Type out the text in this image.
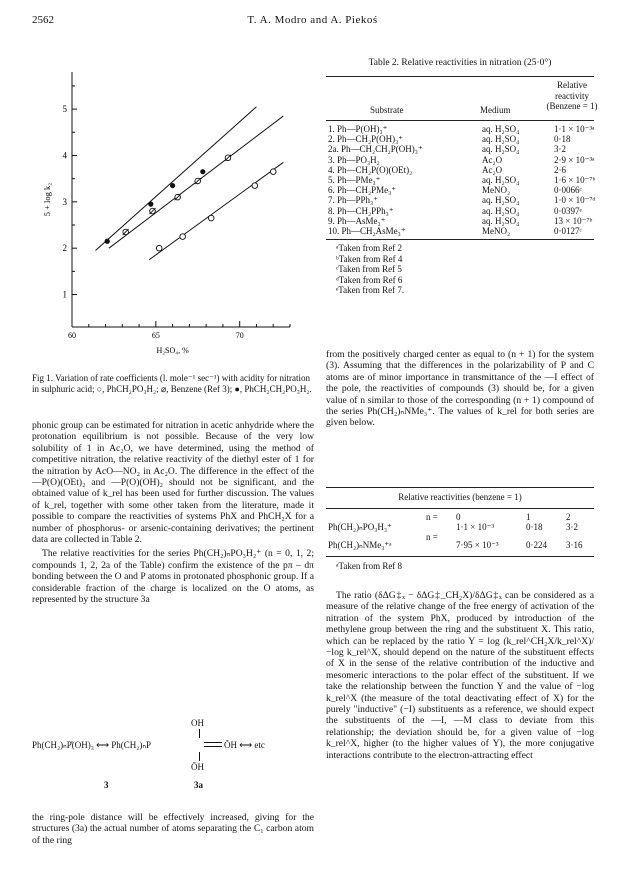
2562	T. A. Modro and A. Piekoś
5
4
3
2
1
60	65	70
H₂SO₄, %
5 + log k₂
Fig 1. Variation of rate coefficients (l. mole⁻¹ sec⁻¹) with acidity for nitration in sulphuric acid; ○, PhCH₂PO₃H₂; ⌀, Benzene (Ref 3); ●, PhCH₂CH₂PO₃H₂.

phonic group can be estimated for nitration in acetic anhydride where the protonation equilibrium is not possible. Because of the very low solubility of 1 in Ac₂O, we have determined, using the method of competitive nitration, the relative reactivity of the diethyl ester of 1 for the nitration by AcO—NO₂ in Ac₂O. The difference in the effect of the —P(O)(OEt)₂ and —P(O)(OH)₂ should not be significant, and the obtained value of k_rel has been used for further discussion. The values of k_rel, together with some other taken from the literature, made it possible to compare the reactivities of systems PhX and PhCH₂X for a number of phosphorus- or arsenic-containing derivatives; the pertinent data are collected in Table 2.

The relative reactivities for the series Ph(CH₂)ₙPO₃H₂⁺ (n = 0, 1, 2; compounds 1, 2, 2a of the Table) confirm the existence of the pπ – dπ bonding between the O and P atoms in protonated phosphonic group. If a considerable fraction of the charge is localized on the O atoms, as represented by the structure 3a

OH
Ph(CH₂)ₙP̊(OH)₃ ⟷ Ph(CH₂)ₙP	ŌH ⟷ etc
ŌH
3	3a

the ring-pole distance will be effectively increased, giving for the structures (3a) the actual number of atoms separating the C₁ carbon atom of the ring

Table 2. Relative reactivities in nitration (25·0°)
Relative reactivity (Benzene = 1)
Substrate	Medium
1. Ph—P(OH)₃⁺	aq. H₂SO₄	1·1 × 10⁻³ᵃ
2. Ph—CH₂P(OH)₃⁺	aq. H₂SO₄	0·18
2a. Ph—CH₂CH₂P(OH)₃⁺	aq. H₂SO₄	3·2
3. Ph—PO₃H₂	Ac₂O	2·9 × 10⁻³ᵃ
4. Ph—CH₂P(O)(OEt)₂	Ac₂O	2·6
5. Ph—PMe₃⁺	aq. H₂SO₄	1·6 × 10⁻⁷ᵇ
6. Ph—CH₂PMe₃⁺	MeNO₂	0·0066ᶜ
7. Ph—PPh₃⁺	aq. H₂SO₄	1·0 × 10⁻⁷ᵈ
8. Ph—CH₂PPh₃⁺	aq. H₂SO₄	0·0397ᵉ
9. Ph—AsMe₃⁺	aq. H₂SO₄	13 × 10⁻⁷ᵇ
10. Ph—CH₂AsMe₃⁺	MeNO₂	0·0127ᶜ
ᵃTaken from Ref 2
ᵇTaken from Ref 4
ᶜTaken from Ref 5
ᵈTaken from Ref 6
ᵉTaken from Ref 7.
from the positively charged center as equal to (n + 1) for the system (3). Assuming that the differences in the polarizability of P and C atoms are of minor importance in transmittance of the —I effect of the pole, the reactivities of compounds (3) should be, for a given value of n similar to those of the corresponding (n + 1) compound of the series Ph(CH₂)ₙNMe₃⁺. The values of k_rel for both series are given below.
Relative reactivities (benzene = 1)
n = 0	1	2
Ph(CH₂)ₙPO₃H₃⁺	1·1 × 10⁻³	0·18	3·2
n =
Ph(CH₂)ₙNMe₃⁺ᵃ	7·95 × 10⁻³	0·224 3·16
ᵃTaken from Ref 8
The ratio (δΔG‡ₓ − δΔG‡_CH₂X)/δΔG‡ₓ can be considered as a measure of the relative change of the free energy of activation of the nitration of the system PhX, produced by introduction of the methylene group between the ring and the substituent X. This ratio, which can be replaced by the ratio Y = log (k_rel^CH₂X/k_rel^X)/−log k_rel^X, should depend on the nature of the substituent effects of X in the sense of the relative contribution of the inductive and mesomeric interactions to the polar effect of the substituent. If we take the relationship between the function Y and the value of −log k_rel^X (the measure of the total deactivating effect of X) for the purely "inductive" (−I) substituents as a reference, we should expect the substituents of the —I, —M class to deviate from this relationship; the deviation should be, for a given value of −log k_rel^X, higher (to the higher values of Y), the more conjugative interactions contribute to the electron-attracting effect
